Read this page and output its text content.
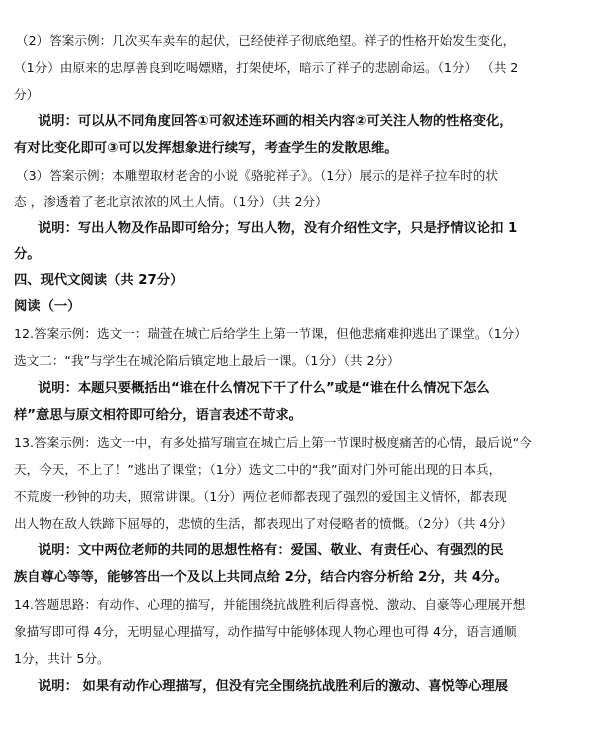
（2）答案示例：几次买车卖车的起伏，已经使祥子彻底绝望。祥子的性格开始发生变化，
（1分）由原来的忠厚善良到吃喝嫖赌，打架使坏，暗示了祥子的悲剧命运。（1分） （共 2
分）
说明：可以从不同角度回答①可叙述连环画的相关内容②可关注人物的性格变化，
有对比变化即可③可以发挥想象进行续写，考查学生的发散思维。
（3）答案示例：本雕塑取材老舍的小说《骆驼祥子》。（1分）展示的是祥子拉车时的状
态 ，渗透着了老北京浓浓的风土人情。（1分）（共 2分）
说明：写出人物及作品即可给分；写出人物，没有介绍性文字，只是抒情议论扣 1
分。
四、现代文阅读（共 27分）
阅读（一）
12.答案示例：选文一：瑞萱在城亡后给学生上第一节课，但他悲痛难抑逃出了课堂。（1分）
选文二：“我”与学生在城沦陷后镇定地上最后一课。（1分）（共 2分）
说明：本题只要概括出“谁在什么情况下干了什么”或是“谁在什么情况下怎么
样”意思与原文相符即可给分，语言表述不苛求。
13.答案示例：选文一中，有多处描写瑞宣在城亡后上第一节课时极度痛苦的心情，最后说“今
天，今天，不上了！”逃出了课堂；（1分）选文二中的“我”面对门外可能出现的日本兵，
不荒废一秒钟的功夫，照常讲课。（1分）两位老师都表现了强烈的爱国主义情怀，都表现
出人物在敌人铁蹄下屈辱的，悲愤的生活，都表现出了对侵略者的愤慨。（2分）（共 4分）
说明：文中两位老师的共同的思想性格有：爱国、敬业、有责任心、有强烈的民
族自尊心等等，能够答出一个及以上共同点给 2分，结合内容分析给 2分，共 4分。
14.答题思路：有动作、心理的描写，并能围绕抗战胜利后得喜悦、激动、自豪等心理展开想
象描写即可得 4分，无明显心理描写，动作描写中能够体现人物心理也可得 4分，语言通顺
1分，共计 5分。
说明： 如果有动作心理描写，但没有完全围绕抗战胜利后的激动、喜悦等心理展
